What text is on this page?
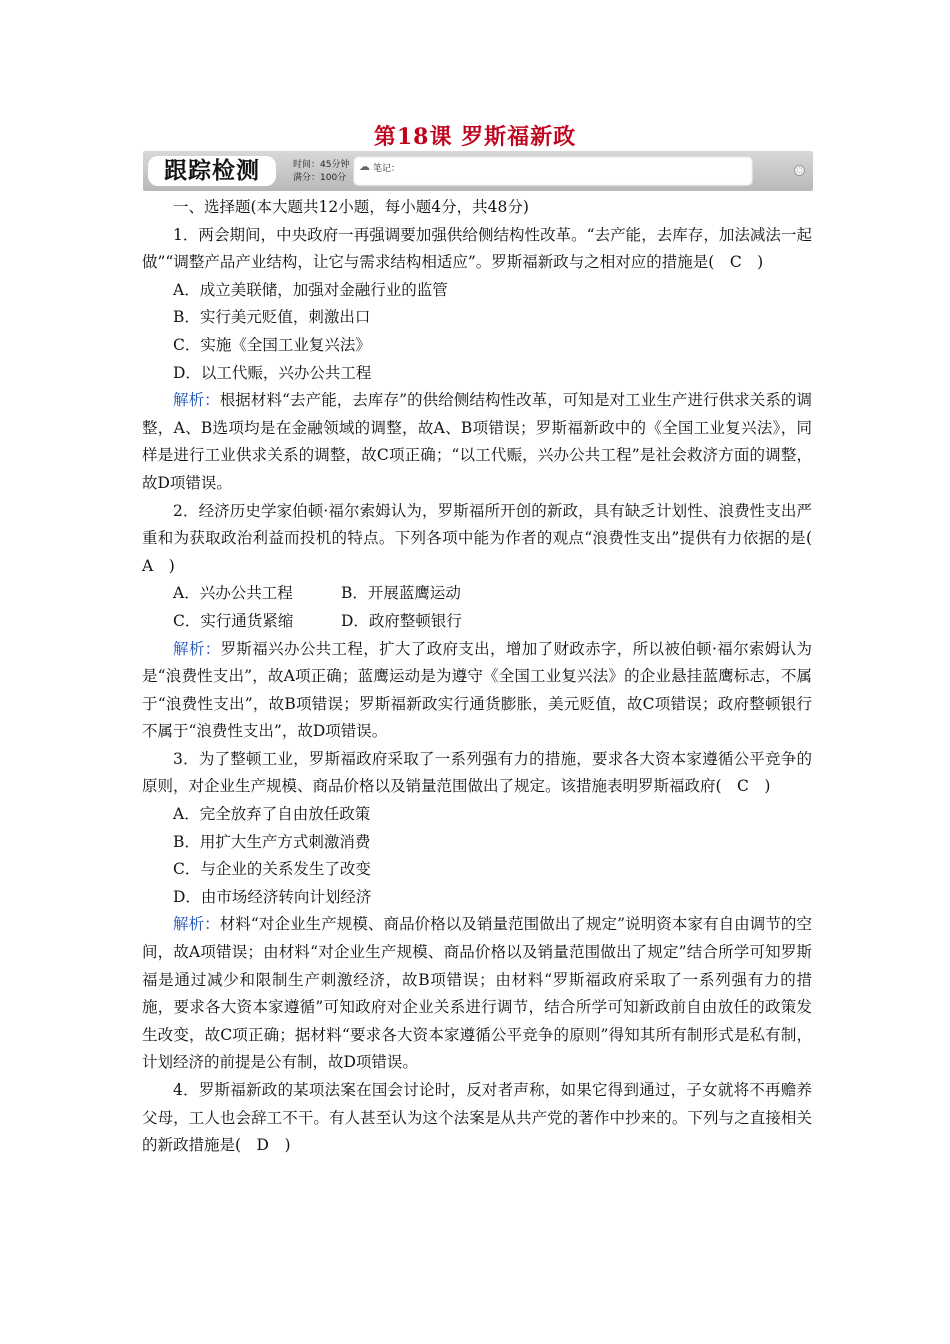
第18课 罗斯福新政
跟踪检测	时间：45分钟
满分：100分
☁ 笔记：	◌

一、选择题(本大题共12小题，每小题4分，共48分)

1．两会期间，中央政府一再强调要加强供给侧结构性改革。“去产能，去库存，加法减法一起做”“调整产品产业结构，让它与需求结构相适应”。罗斯福新政与之相对应的措施是(　C　)

A．成立美联储，加强对金融行业的监管

B．实行美元贬值，刺激出口

C．实施《全国工业复兴法》

D．以工代赈，兴办公共工程

解析：根据材料“去产能，去库存”的供给侧结构性改革，可知是对工业生产进行供求关系的调整，A、B选项均是在金融领域的调整，故A、B项错误；罗斯福新政中的《全国工业复兴法》，同样是进行工业供求关系的调整，故C项正确；“以工代赈，兴办公共工程”是社会救济方面的调整，故D项错误。

2．经济历史学家伯顿·福尔索姆认为，罗斯福所开创的新政，具有缺乏计划性、浪费性支出严重和为获取政治利益而投机的特点。下列各项中能为作者的观点“浪费性支出”提供有力依据的是(　A　)

A．兴办公共工程	B．开展蓝鹰运动

C．实行通货紧缩	D．政府整顿银行

解析：罗斯福兴办公共工程，扩大了政府支出，增加了财政赤字，所以被伯顿·福尔索姆认为是“浪费性支出”，故A项正确；蓝鹰运动是为遵守《全国工业复兴法》的企业悬挂蓝鹰标志，不属于“浪费性支出”，故B项错误；罗斯福新政实行通货膨胀，美元贬值，故C项错误；政府整顿银行不属于“浪费性支出”，故D项错误。

3．为了整顿工业，罗斯福政府采取了一系列强有力的措施，要求各大资本家遵循公平竞争的原则，对企业生产规模、商品价格以及销量范围做出了规定。该措施表明罗斯福政府(　C　)

A．完全放弃了自由放任政策

B．用扩大生产方式刺激消费

C．与企业的关系发生了改变

D．由市场经济转向计划经济

解析：材料“对企业生产规模、商品价格以及销量范围做出了规定”说明资本家有自由调节的空间，故A项错误；由材料“对企业生产规模、商品价格以及销量范围做出了规定”结合所学可知罗斯福是通过减少和限制生产刺激经济，故B项错误；由材料“罗斯福政府采取了一系列强有力的措施，要求各大资本家遵循”可知政府对企业关系进行调节，结合所学可知新政前自由放任的政策发生改变，故C项正确；据材料“要求各大资本家遵循公平竞争的原则”得知其所有制形式是私有制，计划经济的前提是公有制，故D项错误。

4．罗斯福新政的某项法案在国会讨论时，反对者声称，如果它得到通过，子女就将不再赡养父母，工人也会辞工不干。有人甚至认为这个法案是从共产党的著作中抄来的。下列与之直接相关的新政措施是(　D　)
